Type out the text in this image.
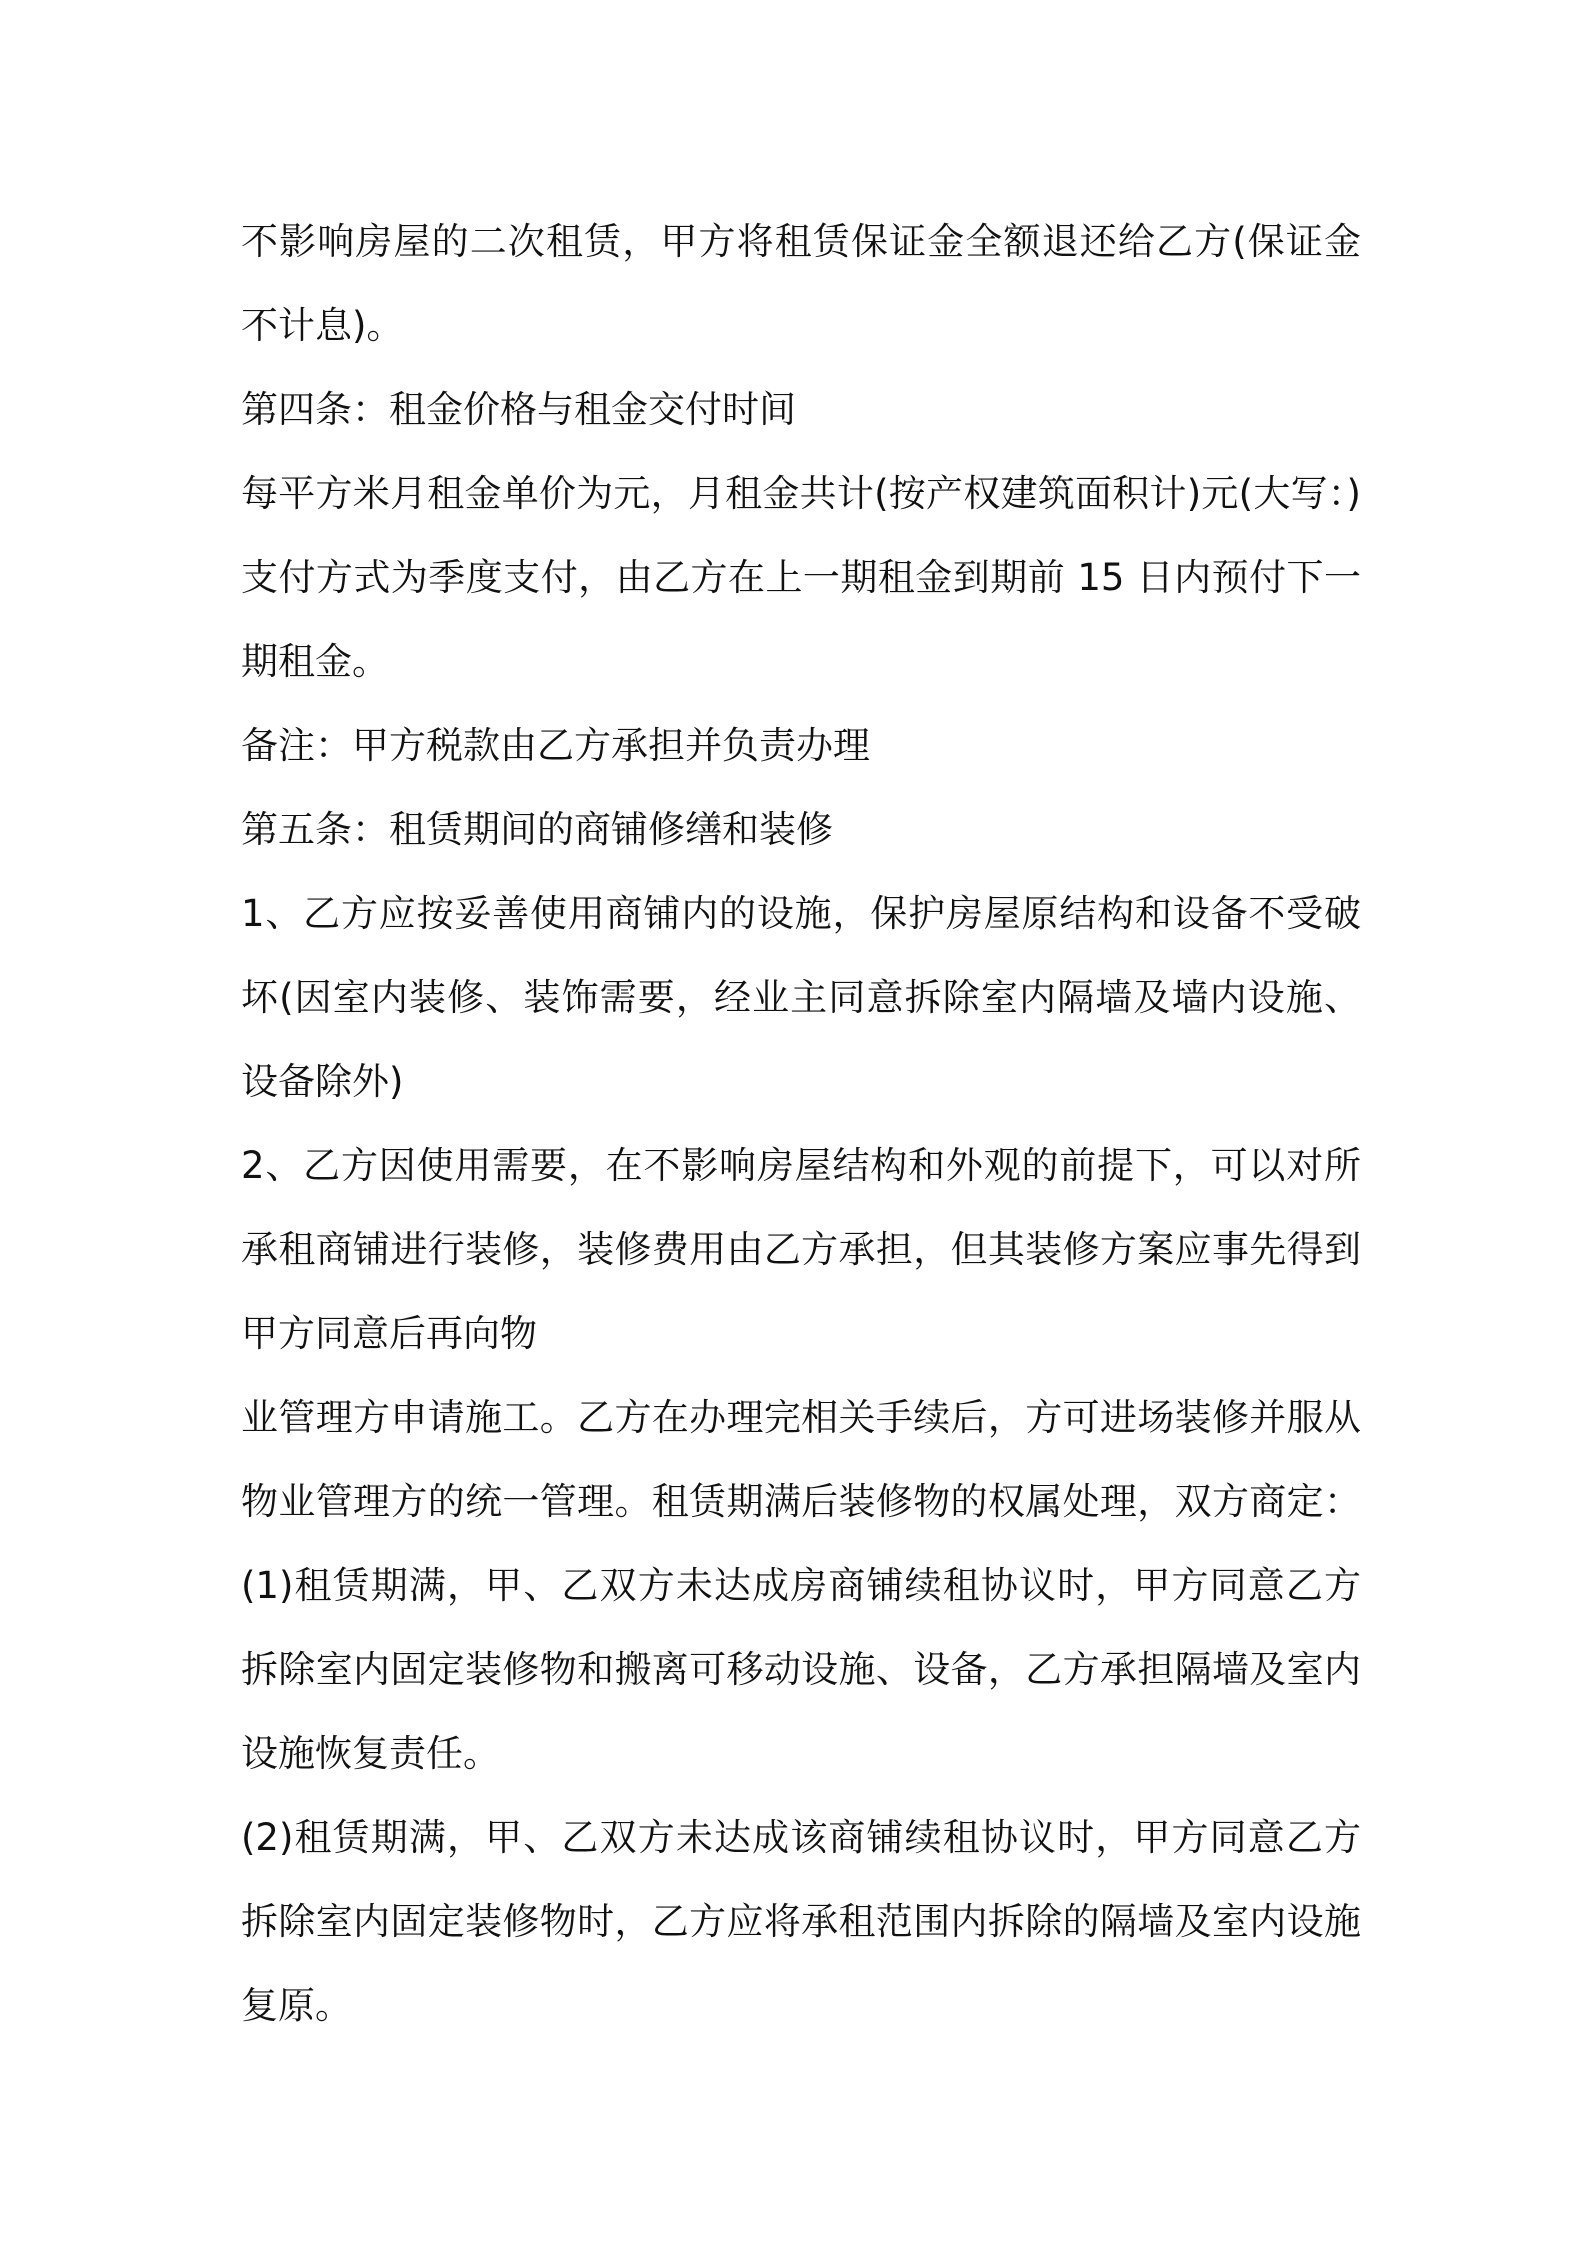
不影响房屋的二次租赁，甲方将租赁保证金全额退还给乙方(保证金
不计息)。
第四条：租金价格与租金交付时间
每平方米月租金单价为元，月租金共计(按产权建筑面积计)元(大写：)
支付方式为季度支付，由乙方在上一期租金到期前 15 日内预付下一
期租金。
备注：甲方税款由乙方承担并负责办理
第五条：租赁期间的商铺修缮和装修
1、乙方应按妥善使用商铺内的设施，保护房屋原结构和设备不受破
坏(因室内装修、装饰需要，经业主同意拆除室内隔墙及墙内设施、
设备除外)
2、乙方因使用需要，在不影响房屋结构和外观的前提下，可以对所
承租商铺进行装修，装修费用由乙方承担，但其装修方案应事先得到
甲方同意后再向物
业管理方申请施工。乙方在办理完相关手续后，方可进场装修并服从
物业管理方的统一管理。租赁期满后装修物的权属处理，双方商定：
(1)租赁期满，甲、乙双方未达成房商铺续租协议时，甲方同意乙方
拆除室内固定装修物和搬离可移动设施、设备，乙方承担隔墙及室内
设施恢复责任。
(2)租赁期满，甲、乙双方未达成该商铺续租协议时，甲方同意乙方
拆除室内固定装修物时，乙方应将承租范围内拆除的隔墙及室内设施
复原。
